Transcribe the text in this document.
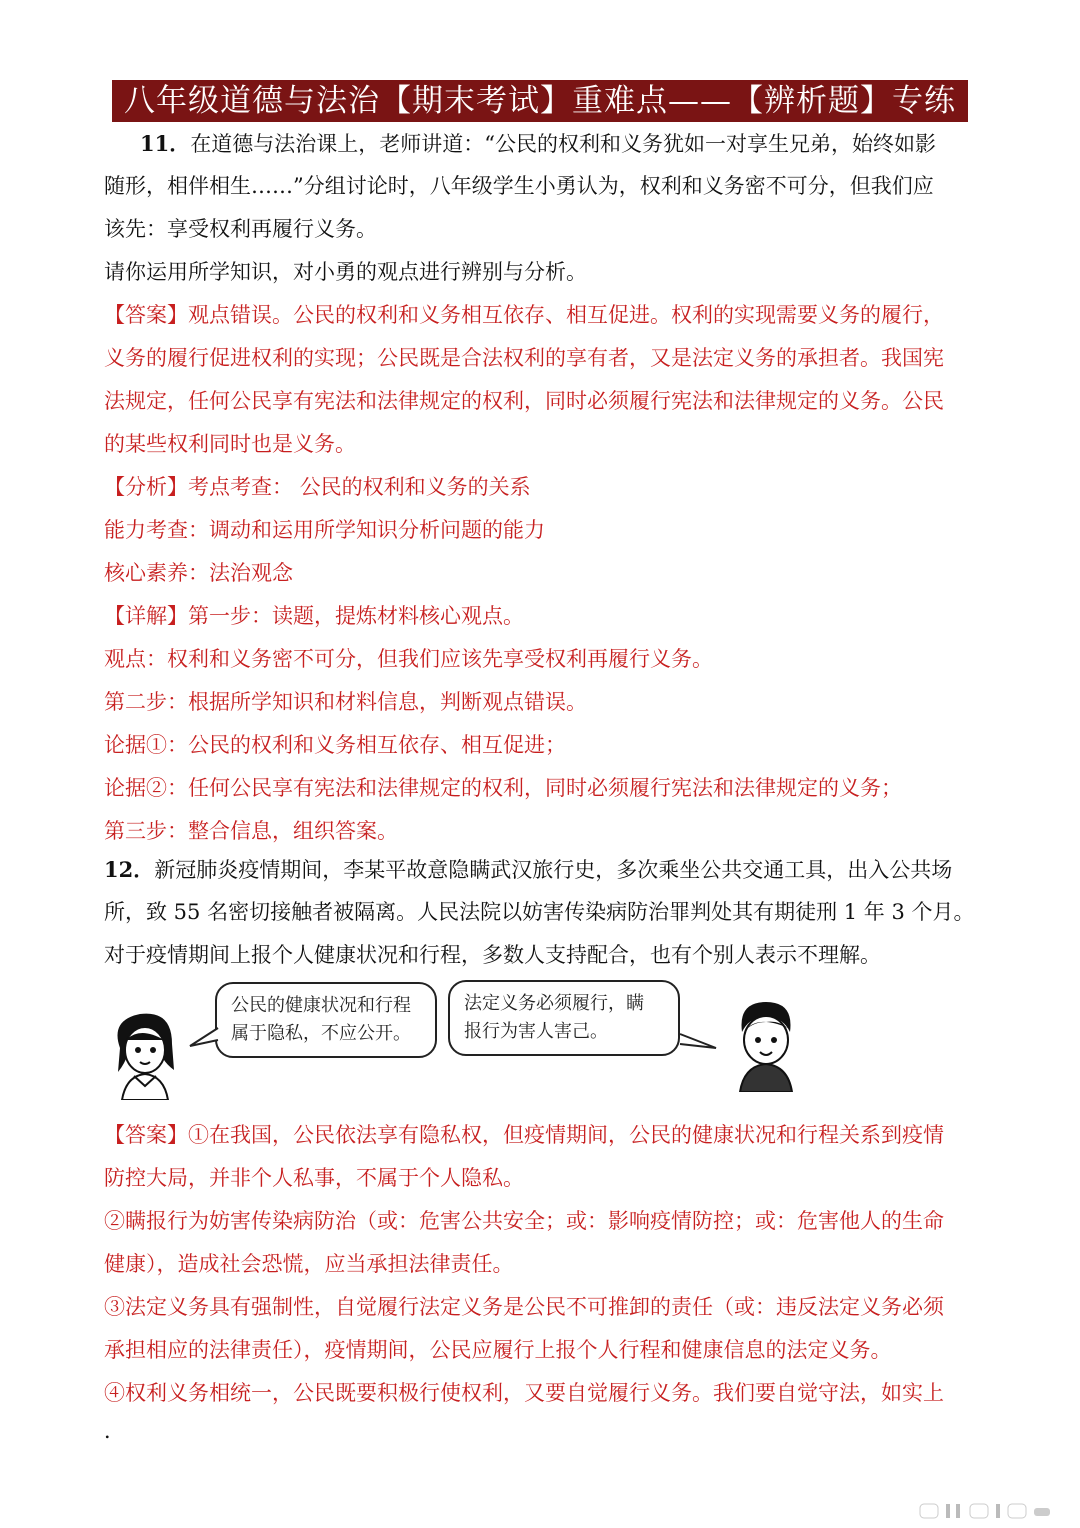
八年级道德与法治【期末考试】重难点——【辨析题】专练
11．在道德与法治课上，老师讲道：“公民的权利和义务犹如一对享生兄弟，始终如影
随形，相伴相生……”分组讨论时，八年级学生小勇认为，权利和义务密不可分，但我们应
该先：享受权利再履行义务。
请你运用所学知识，对小勇的观点进行辨别与分析。
【答案】观点错误。公民的权利和义务相互依存、相互促进。权利的实现需要义务的履行，
义务的履行促进权利的实现；公民既是合法权利的享有者，又是法定义务的承担者。我国宪
法规定，任何公民享有宪法和法律规定的权利，同时必须履行宪法和法律规定的义务。公民
的某些权利同时也是义务。
【分析】考点考查： 公民的权利和义务的关系
能力考查：调动和运用所学知识分析问题的能力
核心素养：法治观念
【详解】第一步：读题，提炼材料核心观点。
观点：权利和义务密不可分，但我们应该先享受权利再履行义务。
第二步：根据所学知识和材料信息，判断观点错误。
论据①：公民的权利和义务相互依存、相互促进；
论据②：任何公民享有宪法和法律规定的权利，同时必须履行宪法和法律规定的义务；
第三步：整合信息，组织答案。
12．新冠肺炎疫情期间，李某平故意隐瞒武汉旅行史，多次乘坐公共交通工具，出入公共场
所，致 55 名密切接触者被隔离。人民法院以妨害传染病防治罪判处其有期徒刑 1 年 3 个月。
对于疫情期间上报个人健康状况和行程，多数人支持配合，也有个别人表示不理解。
公民的健康状况和行程
属于隐私，不应公开。
法定义务必须履行，瞒
报行为害人害己。
【答案】①在我国，公民依法享有隐私权，但疫情期间，公民的健康状况和行程关系到疫情
防控大局，并非个人私事，不属于个人隐私。
②瞒报行为妨害传染病防治（或：危害公共安全；或：影响疫情防控；或：危害他人的生命
健康），造成社会恐慌，应当承担法律责任。
③法定义务具有强制性，自觉履行法定义务是公民不可推卸的责任（或：违反法定义务必须
承担相应的法律责任），疫情期间，公民应履行上报个人行程和健康信息的法定义务。
④权利义务相统一，公民既要积极行使权利，又要自觉履行义务。我们要自觉守法，如实上
．
